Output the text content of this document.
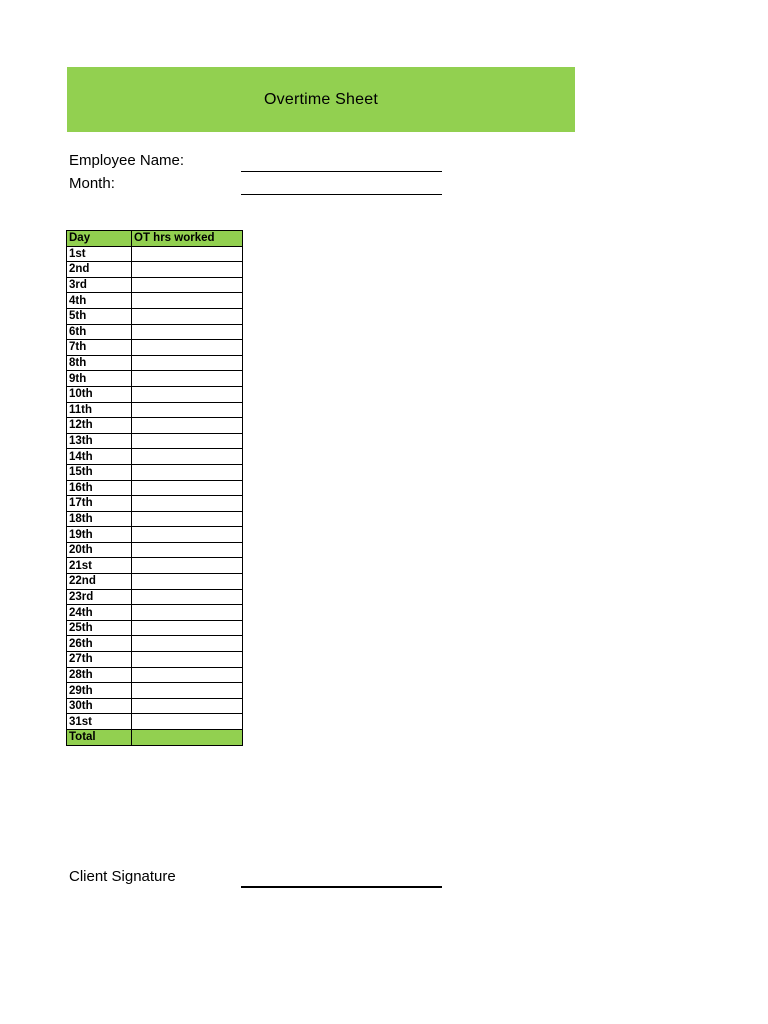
Overtime Sheet
Employee Name:
Month:
Day	OT hrs worked
1st	
2nd	
3rd	
4th	
5th	
6th	
7th	
8th	
9th	
10th	
11th	
12th	
13th	
14th	
15th	
16th	
17th	
18th	
19th	
20th	
21st	
22nd	
23rd	
24th	
25th	
26th	
27th	
28th	
29th	
30th	
31st	
Total	
Client Signature
